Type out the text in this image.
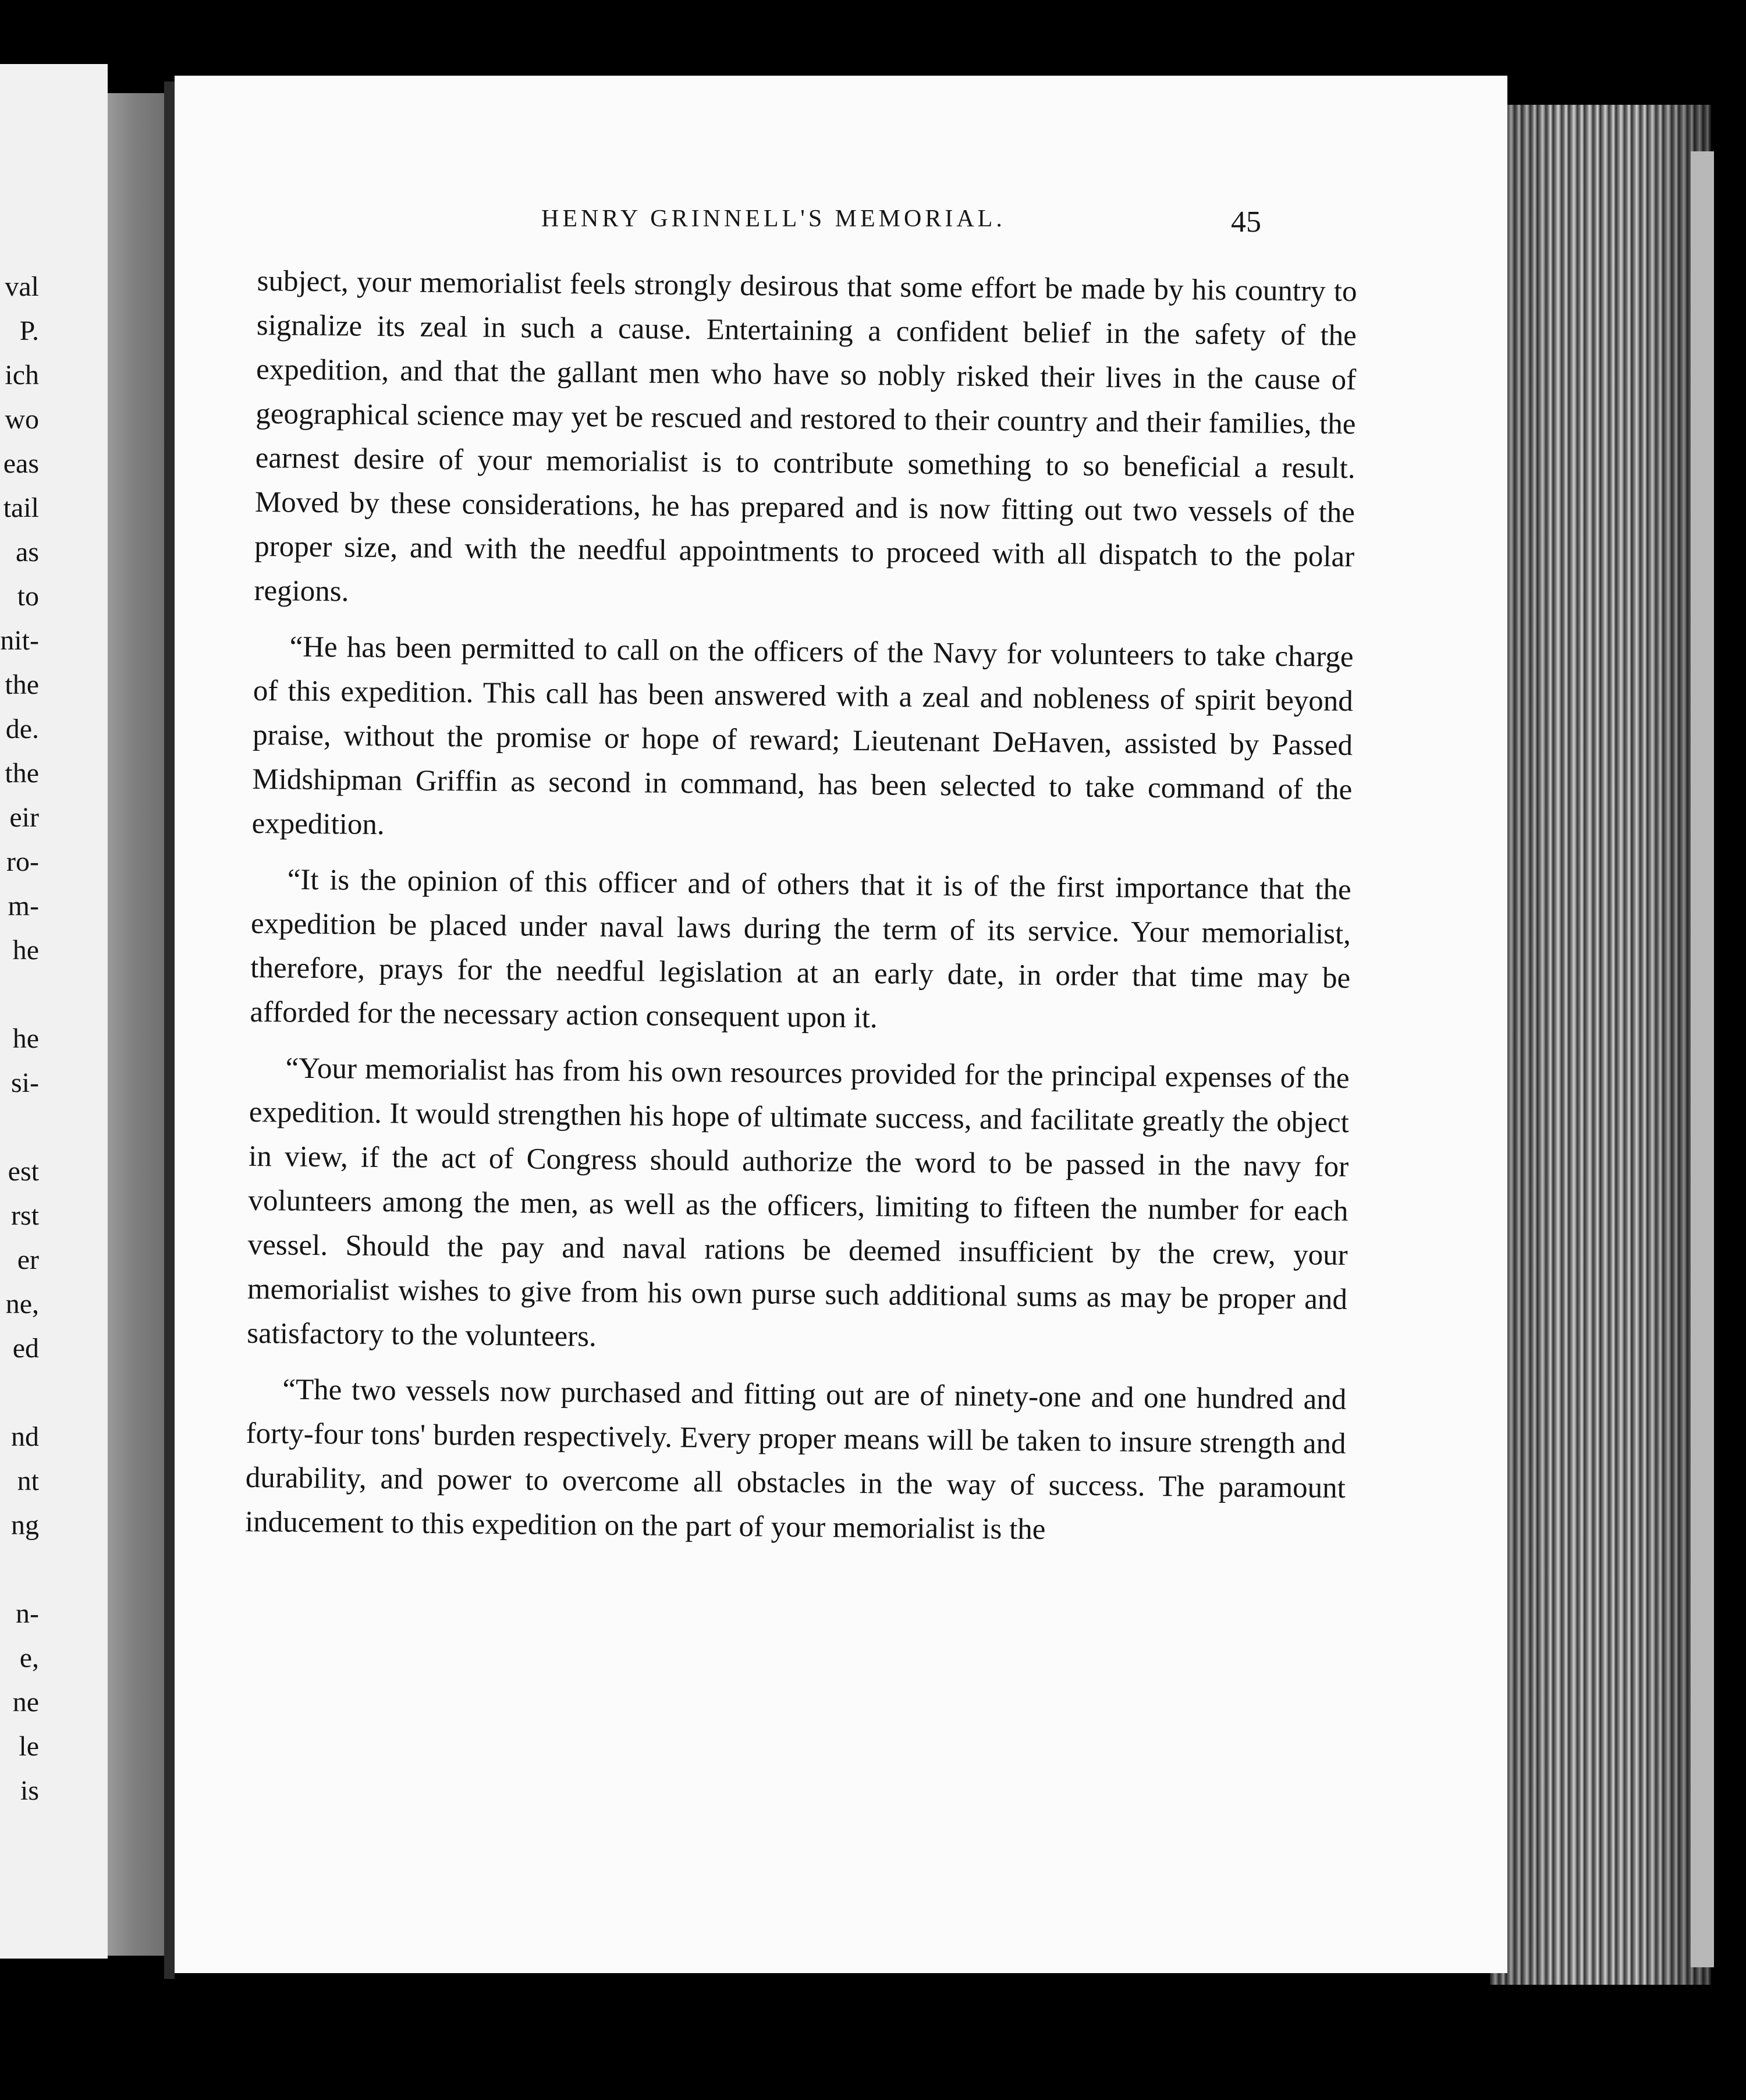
val
P.
ich
wo
eas
tail
as
to
nit-
the
de.
the
eir
ro-
m-
he
he
si-
est
rst
er
ne,
ed
nd
nt
ng
n-
e,
ne
le
is
HENRY GRINNELL'S MEMORIAL.	45

subject, your memorialist feels strongly desirous that some effort be made by his country to signalize its zeal in such a cause. Entertaining a confident belief in the safety of the expedition, and that the gallant men who have so nobly risked their lives in the cause of geographical science may yet be rescued and restored to their country and their families, the earnest desire of your memorialist is to contribute something to so beneficial a result. Moved by these considerations, he has prepared and is now fitting out two vessels of the proper size, and with the needful appointments to proceed with all dispatch to the polar regions.

“He has been permitted to call on the officers of the Navy for volunteers to take charge of this expedition. This call has been answered with a zeal and nobleness of spirit beyond praise, without the promise or hope of reward; Lieutenant DeHaven, assisted by Passed Midshipman Griffin as second in command, has been selected to take command of the expedition.

“It is the opinion of this officer and of others that it is of the first importance that the expedition be placed under naval laws during the term of its service. Your memorialist, therefore, prays for the needful legislation at an early date, in order that time may be afforded for the necessary action consequent upon it.

“Your memorialist has from his own resources provided for the principal expenses of the expedition. It would strengthen his hope of ultimate success, and facilitate greatly the object in view, if the act of Congress should authorize the word to be passed in the navy for volunteers among the men, as well as the officers, limiting to fifteen the number for each vessel. Should the pay and naval rations be deemed insufficient by the crew, your memorialist wishes to give from his own purse such additional sums as may be proper and satisfactory to the volunteers.

“The two vessels now purchased and fitting out are of ninety-one and one hundred and forty-four tons' burden respectively. Every proper means will be taken to insure strength and durability, and power to overcome all obstacles in the way of success. The paramount inducement to this expedition on the part of your memorialist is the
